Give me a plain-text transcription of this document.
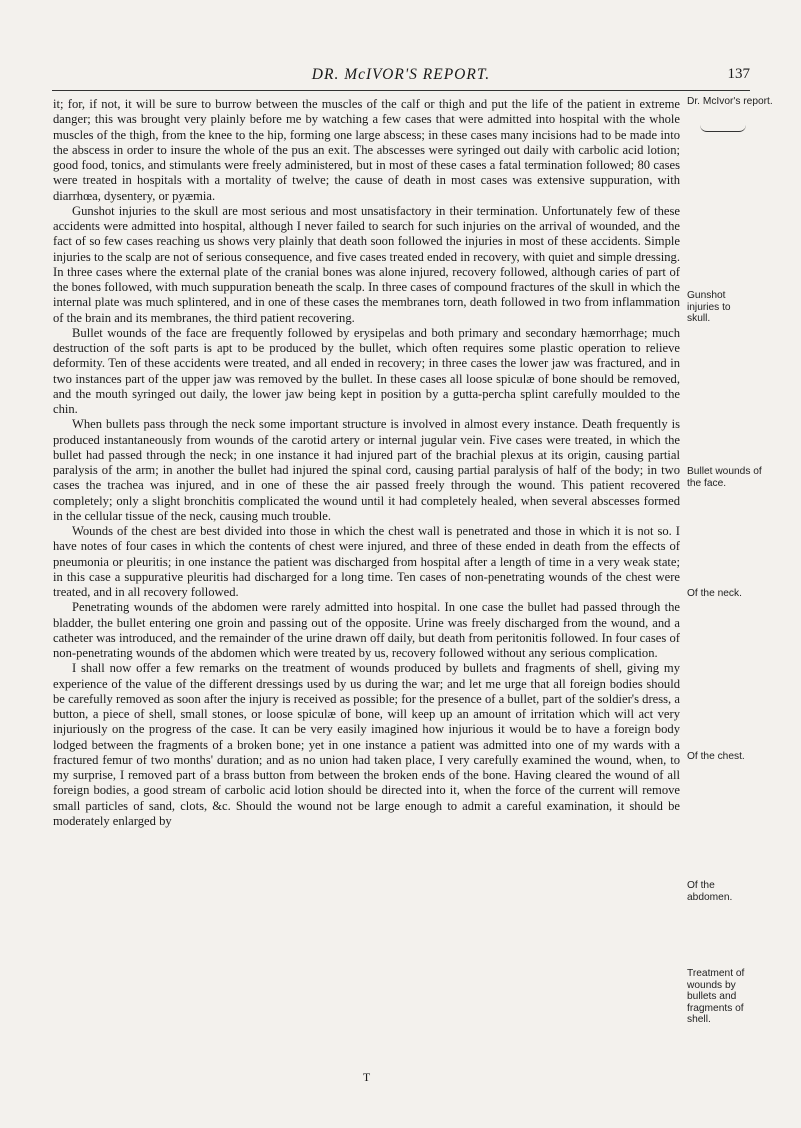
DR. McIVOR'S REPORT.	137

it; for, if not, it will be sure to burrow between the muscles of the calf or thigh and put the life of the patient in extreme danger; this was brought very plainly before me by watching a few cases that were admitted into hospital with the whole muscles of the thigh, from the knee to the hip, forming one large abscess; in these cases many incisions had to be made into the abscess in order to insure the whole of the pus an exit. The abscesses were syringed out daily with carbolic acid lotion; good food, tonics, and stimulants were freely administered, but in most of these cases a fatal termination followed; 80 cases were treated in hospitals with a mortality of twelve; the cause of death in most cases was extensive suppuration, with diarrhœa, dysentery, or pyæmia.

Gunshot injuries to the skull are most serious and most unsatisfactory in their termination. Unfortunately few of these accidents were admitted into hospital, although I never failed to search for such injuries on the arrival of wounded, and the fact of so few cases reaching us shows very plainly that death soon followed the injuries in most of these accidents. Simple injuries to the scalp are not of serious consequence, and five cases treated ended in recovery, with quiet and simple dressing. In three cases where the external plate of the cranial bones was alone injured, recovery followed, although caries of part of the bones followed, with much suppuration beneath the scalp. In three cases of compound fractures of the skull in which the internal plate was much splintered, and in one of these cases the membranes torn, death followed in two from inflammation of the brain and its membranes, the third patient recovering.

Bullet wounds of the face are frequently followed by erysipelas and both primary and secondary hæmorrhage; much destruction of the soft parts is apt to be produced by the bullet, which often requires some plastic operation to relieve deformity. Ten of these accidents were treated, and all ended in recovery; in three cases the lower jaw was fractured, and in two instances part of the upper jaw was removed by the bullet. In these cases all loose spiculæ of bone should be removed, and the mouth syringed out daily, the lower jaw being kept in position by a gutta-percha splint carefully moulded to the chin.

When bullets pass through the neck some important structure is involved in almost every instance. Death frequently is produced instantaneously from wounds of the carotid artery or internal jugular vein. Five cases were treated, in which the bullet had passed through the neck; in one instance it had injured part of the brachial plexus at its origin, causing partial paralysis of the arm; in another the bullet had injured the spinal cord, causing partial paralysis of half of the body; in two cases the trachea was injured, and in one of these the air passed freely through the wound. This patient recovered completely; only a slight bronchitis complicated the wound until it had completely healed, when several abscesses formed in the cellular tissue of the neck, causing much trouble.

Wounds of the chest are best divided into those in which the chest wall is penetrated and those in which it is not so. I have notes of four cases in which the contents of chest were injured, and three of these ended in death from the effects of pneumonia or pleuritis; in one instance the patient was discharged from hospital after a length of time in a very weak state; in this case a suppurative pleuritis had discharged for a long time. Ten cases of non-penetrating wounds of the chest were treated, and in all recovery followed.

Penetrating wounds of the abdomen were rarely admitted into hospital. In one case the bullet had passed through the bladder, the bullet entering one groin and passing out of the opposite. Urine was freely discharged from the wound, and a catheter was introduced, and the remainder of the urine drawn off daily, but death from peritonitis followed. In four cases of non-penetrating wounds of the abdomen which were treated by us, recovery followed without any serious complication.

I shall now offer a few remarks on the treatment of wounds produced by bullets and fragments of shell, giving my experience of the value of the different dressings used by us during the war; and let me urge that all foreign bodies should be carefully removed as soon after the injury is received as possible; for the presence of a bullet, part of the soldier's dress, a button, a piece of shell, small stones, or loose spiculæ of bone, will keep up an amount of irritation which will act very injuriously on the progress of the case. It can be very easily imagined how injurious it would be to have a foreign body lodged between the fragments of a broken bone; yet in one instance a patient was admitted into one of my wards with a fractured femur of two months' duration; and as no union had taken place, I very carefully examined the wound, when, to my surprise, I removed part of a brass button from between the broken ends of the bone. Having cleared the wound of all foreign bodies, a good stream of carbolic acid lotion should be directed into it, when the force of the current will remove small particles of sand, clots, &c. Should the wound not be large enough to admit a careful examination, it should be moderately enlarged by

Dr. McIvor's report.
Gunshot injuries to skull.
Bullet wounds of the face.
Of the neck.
Of the chest.
Of the abdomen.
Treatment of wounds by bullets and fragments of shell.
T
